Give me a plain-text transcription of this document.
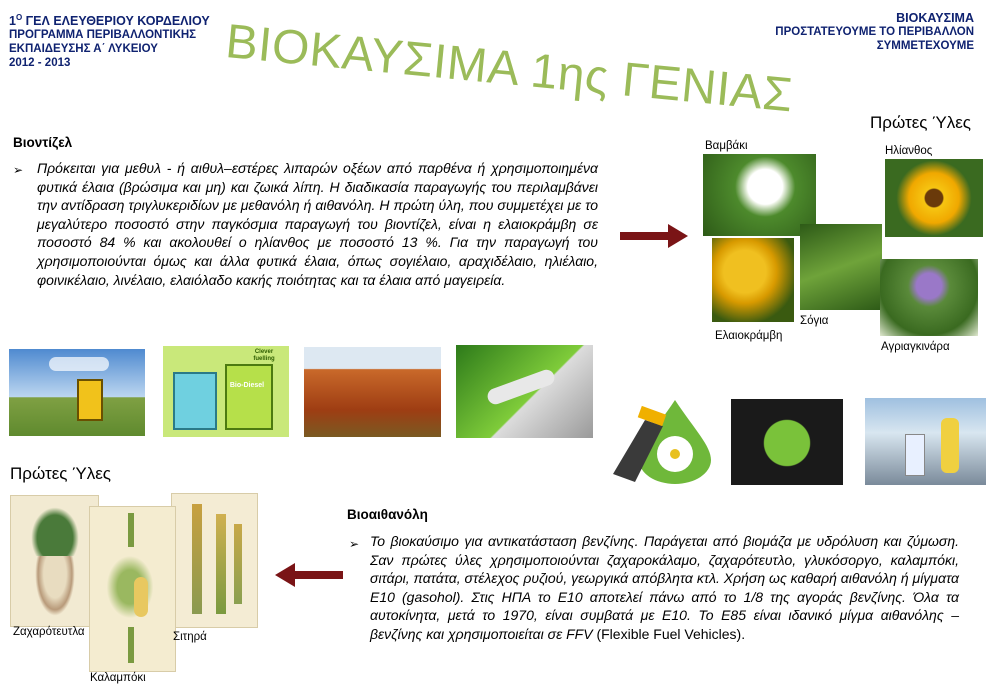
$1^O$ ΓΕΛ ΕΛΕΥΘΕΡΙΟΥ ΚΟΡΔΕΛΙΟΥ
ΠΡΟΓΡΑΜΜΑ ΠΕΡΙΒΑΛΛΟΝΤΙΚΗΣ
ΕΚΠΑΙΔΕΥΣΗΣ Α΄ ΛΥΚΕΙΟΥ
2012 - 2013
ΒΙΟΚΑΥΣΙΜΑ
ΠΡΟΣΤΑΤΕΥΟΥΜΕ ΤΟ ΠΕΡΙΒΑΛΛΟΝ
ΣΥΜΜΕΤΕΧΟΥΜΕ
ΒΙΟΚΑΥΣΙΜΑ 1ης ΓΕΝΙΑΣ
Βιοντίζελ
➢ Πρόκειται για μεθυλ - ή αιθυλ–εστέρες λιπαρών οξέων από παρθένα ή χρησιμοποιημένα φυτικά έλαια (βρώσιμα και μη) και ζωικά λίπη. Η διαδικασία παραγωγής του περιλαμβάνει την αντίδραση τριγλυκεριδίων με μεθανόλη ή αιθανόλη. Η πρώτη ύλη, που συμμετέχει με το μεγαλύτερο ποσοστό στην παγκόσμια παραγωγή του βιοντίζελ, είναι η ελαιοκράμβη σε ποσοστό 84 % και ακολουθεί ο ηλίανθος με ποσοστό 13 %. Για την παραγωγή του χρησιμοποιούνται όμως και άλλα φυτικά έλαια, όπως σογιέλαιο, αραχιδέλαιο, ηλιέλαιο, φοινικέλαιο, λινέλαιο, ελαιόλαδο κακής ποιότητας και τα έλαια από μαγειρεία.
Bio-Diesel
Clever fuelling
Πρώτες Ύλες
Βαμβάκι	Ηλίανθος
Σόγια
Ελαιοκράμβη
Αγριαγκινάρα
Βιοαιθανόλη
➢ Το βιοκαύσιμο για αντικατάσταση βενζίνης. Παράγεται από βιομάζα με υδρόλυση και ζύμωση. Σαν πρώτες ύλες χρησιμοποιούνται ζαχαροκάλαμο, ζαχαρότευτλο, γλυκόσοργο, καλαμπόκι, σιτάρι, πατάτα, στέλεχος ρυζιού, γεωργικά απόβλητα κτλ. Χρήση ως καθαρή αιθανόλη ή μίγματα Ε10 (gasohol). Στις ΗΠΑ το Ε10 αποτελεί πάνω από το 1/8 της αγοράς βενζίνης. Όλα τα αυτοκίνητα, μετά το 1970, είναι συμβατά με Ε10. Το Ε85 είναι ιδανικό μίγμα αιθανόλης – βενζίνης και χρησιμοποιείται σε FFV (Flexible Fuel Vehicles).
Πρώτες Ύλες
Ζαχαρότευτλα	Σιτηρά
Καλαμπόκι
